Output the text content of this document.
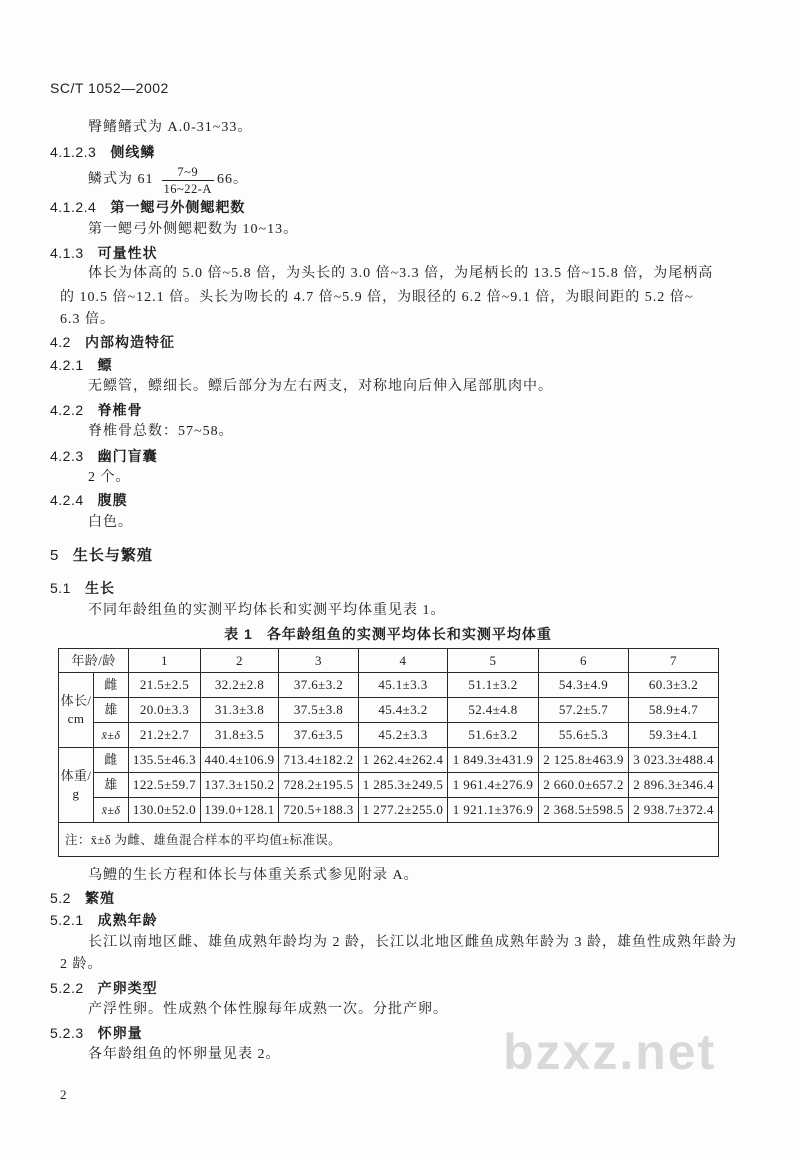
SC/T 1052—2002
臀鳍鳍式为 A.0-31~33。
4.1.2.3 侧线鳞
鳞式为 $61 \frac{7\sim 9}{16\sim 22-A} 66$。
4.1.2.4 第一鳃弓外侧鳃耙数
第一鳃弓外侧鳃耙数为 10~13。
4.1.3 可量性状
体长为体高的 5.0 倍~5.8 倍，为头长的 3.0 倍~3.3 倍，为尾柄长的 13.5 倍~15.8 倍，为尾柄高
的 10.5 倍~12.1 倍。头长为吻长的 4.7 倍~5.9 倍，为眼径的 6.2 倍~9.1 倍，为眼间距的 5.2 倍~
6.3 倍。
4.2 内部构造特征
4.2.1 鳔
无鳔管，鳔细长。鳔后部分为左右两支，对称地向后伸入尾部肌肉中。
4.2.2 脊椎骨
脊椎骨总数：57~58。
4.2.3 幽门盲囊
2 个。
4.2.4 腹膜
白色。
5 生长与繁殖
5.1 生长
不同年龄组鱼的实测平均体长和实测平均体重见表 1。
表 1 各年龄组鱼的实测平均体长和实测平均体重
年龄/龄		1	2	3	4	5	6	7

体长/
cm	雌	21.5±2.5	32.2±2.8	37.6±3.2	45.1±3.3	51.1±3.2	54.3±4.9	60.3±3.2
	雄	20.0±3.3	31.3±3.8	37.5±3.8	45.4±3.2	52.4±4.8	57.2±5.7	58.9±4.7
	x̄±δ	21.2±2.7	31.8±3.5	37.6±3.5	45.2±3.3	51.6±3.2	55.6±5.3	59.3±4.1

体重/
g	雌	135.5±46.3	440.4±106.9	713.4±182.2	1 262.4±262.4	1 849.3±431.9	2 125.8±463.9	3 023.3±488.4
	雄	122.5±59.7	137.3±150.2	728.2±195.5	1 285.3±249.5	1 961.4±276.9	2 660.0±657.2	2 896.3±346.4
	x̄±δ	130.0±52.0	139.0+128.1	720.5+188.3	1 277.2±255.0	1 921.1±376.9	2 368.5±598.5	2 938.7±372.4
注：x̄±δ 为雌、雄鱼混合样本的平均值±标准误。								
乌鳢的生长方程和体长与体重关系式参见附录 A。
5.2 繁殖
5.2.1 成熟年龄
长江以南地区雌、雄鱼成熟年龄均为 2 龄，长江以北地区雌鱼成熟年龄为 3 龄，雄鱼性成熟年龄为
2 龄。
5.2.2 产卵类型
产浮性卵。性成熟个体性腺每年成熟一次。分批产卵。
5.2.3 怀卵量
各年龄组鱼的怀卵量见表 2。	bzxz.net
2
